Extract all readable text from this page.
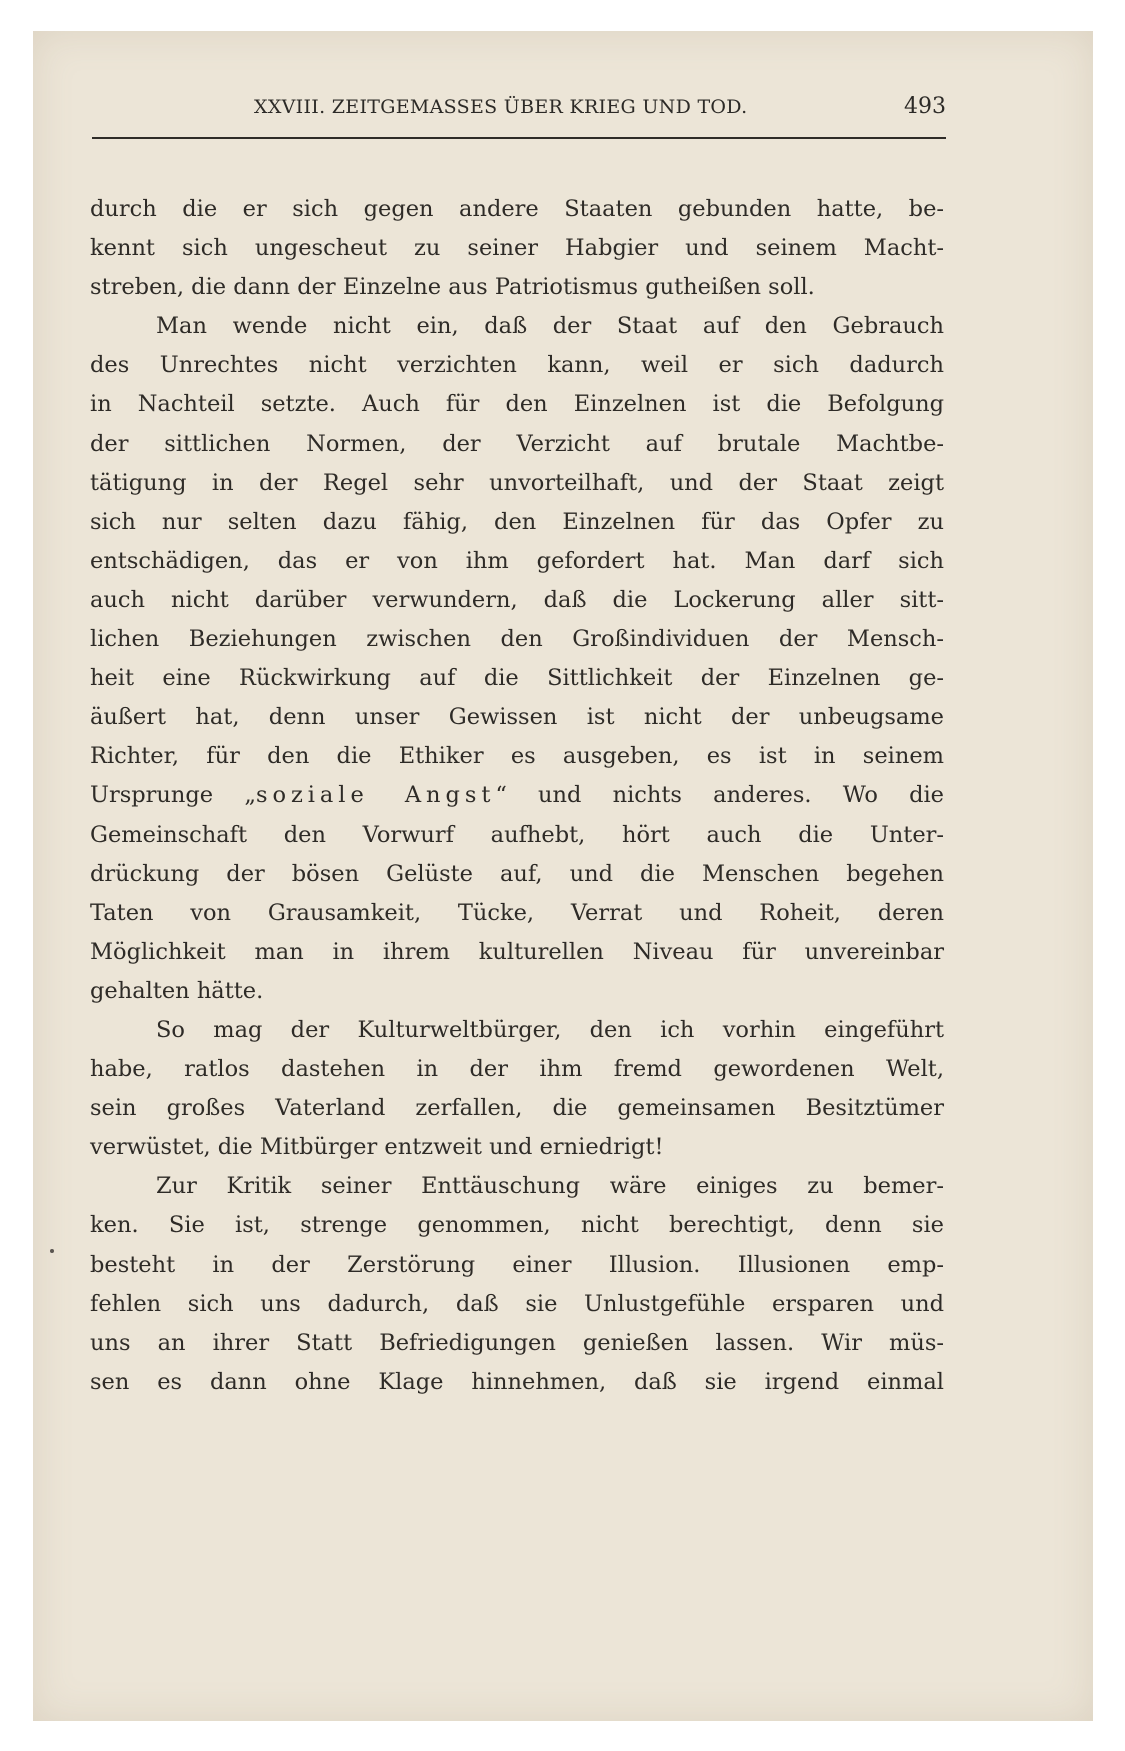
XXVIII. ZEITGEMASSES ÜBER KRIEG UND TOD.	493
durch die er sich gegen andere Staaten gebunden hatte, be-
kennt sich ungescheut zu seiner Habgier und seinem Macht-
streben, die dann der Einzelne aus Patriotismus gutheißen soll.
Man wende nicht ein, daß der Staat auf den Gebrauch
des Unrechtes nicht verzichten kann, weil er sich dadurch
in Nachteil setzte. Auch für den Einzelnen ist die Befolgung
der sittlichen Normen, der Verzicht auf brutale Machtbe-
tätigung in der Regel sehr unvorteilhaft, und der Staat zeigt
sich nur selten dazu fähig, den Einzelnen für das Opfer zu
entschädigen, das er von ihm gefordert hat. Man darf sich
auch nicht darüber verwundern, daß die Lockerung aller sitt-
lichen Beziehungen zwischen den Großindividuen der Mensch-
heit eine Rückwirkung auf die Sittlichkeit der Einzelnen ge-
äußert hat, denn unser Gewissen ist nicht der unbeugsame
Richter, für den die Ethiker es ausgeben, es ist in seinem
Ursprunge „soziale Angst“ und nichts anderes. Wo die
Gemeinschaft den Vorwurf aufhebt, hört auch die Unter-
drückung der bösen Gelüste auf, und die Menschen begehen
Taten von Grausamkeit, Tücke, Verrat und Roheit, deren
Möglichkeit man in ihrem kulturellen Niveau für unvereinbar
gehalten hätte.
So mag der Kulturweltbürger, den ich vorhin eingeführt
habe, ratlos dastehen in der ihm fremd gewordenen Welt,
sein großes Vaterland zerfallen, die gemeinsamen Besitztümer
verwüstet, die Mitbürger entzweit und erniedrigt!
Zur Kritik seiner Enttäuschung wäre einiges zu bemer-
ken. Sie ist, strenge genommen, nicht berechtigt, denn sie
besteht in der Zerstörung einer Illusion. Illusionen emp-
fehlen sich uns dadurch, daß sie Unlustgefühle ersparen und
uns an ihrer Statt Befriedigungen genießen lassen. Wir müs-
sen es dann ohne Klage hinnehmen, daß sie irgend einmal
